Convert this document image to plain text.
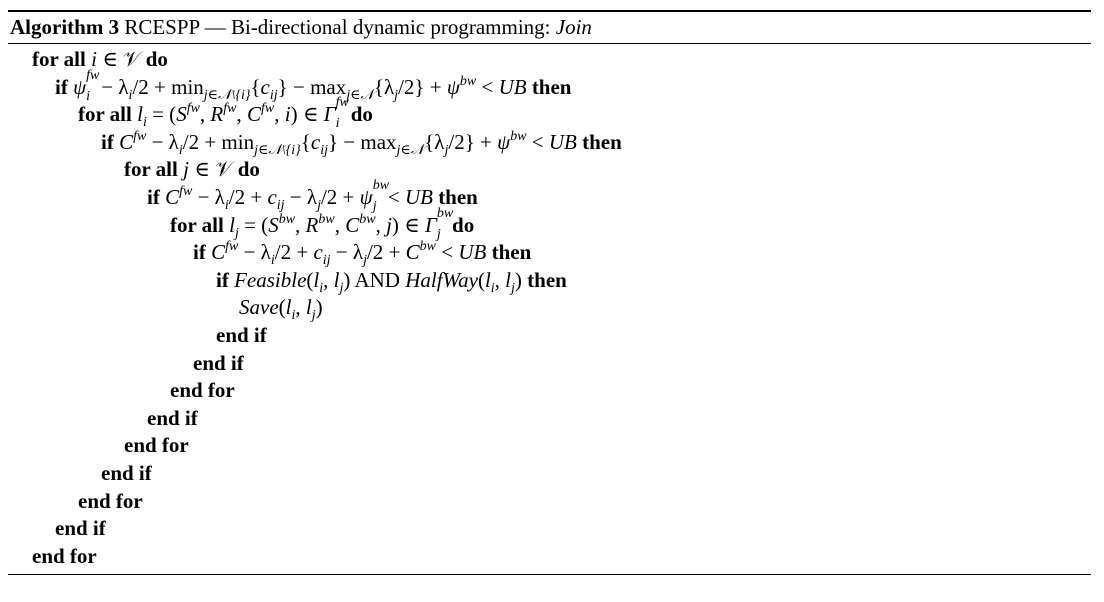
Algorithm 3 RCESPP — Bi-directional dynamic programming: Join
for all i ∈ 𝒱 do
if ψ fw
$_i - \lambda_i/2 + \min_{j\in 𝒩\backslash\{i\}}\{c_{ij}\} - \max_{j\in 𝒩}\{\lambda_j/2\} + \psi^{bw}$ < UB then
for all $l_i = (S^{fw}$, $R^{fw}$, $C^{fw}$, i) ∈ Γ fw
$_i$ do
if $C^{fw} - \lambda_i/2 + \min_{j\in 𝒩\backslash\{i\}}\{c_{ij}\} - \max_{j\in 𝒩}\{\lambda_j/2\} + \psi^{bw}$ < UB then
for all j ∈ 𝒱 do
if $C^{fw} - \lambda_i/2 + c_{ij} - \lambda_j/2 + \psi$ bw
$_j$ < UB then
for all $l_j = (S^{bw}$, $R^{bw}$, $C^{bw}$, j) ∈ Γ bw
$_j$ do
if $C^{fw} - \lambda_i/2 + c_{ij} - \lambda_j/2 + C^{bw}$ < UB then
if $Feasible(l_i$, $l_j$) AND $HalfWay(l_i$, $l_j$) then
$Save(l_i$, $l_j$)
end if
end if
end for
end if
end for
end if
end for
end if
end for
